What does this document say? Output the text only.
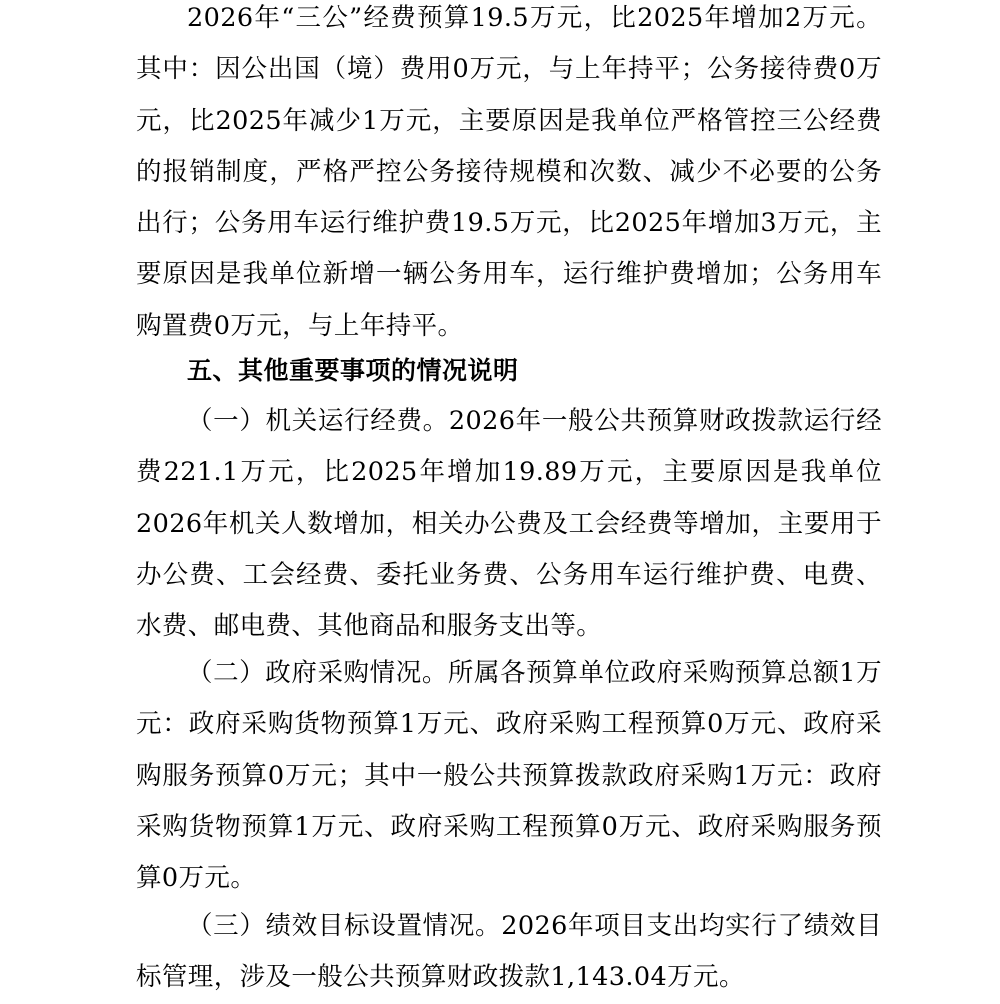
2026年“三公”经费预算19.5万元，比2025年增加2万元。其中：因公出国（境）费用0万元，与上年持平；公务接待费0万元，比2025年减少1万元，主要原因是我单位严格管控三公经费的报销制度，严格严控公务接待规模和次数、减少不必要的公务出行；公务用车运行维护费19.5万元，比2025年增加3万元，主要原因是我单位新增一辆公务用车，运行维护费增加；公务用车购置费0万元，与上年持平。

五、其他重要事项的情况说明

（一）机关运行经费。2026年一般公共预算财政拨款运行经费221.1万元，比2025年增加19.89万元，主要原因是我单位2026年机关人数增加，相关办公费及工会经费等增加，主要用于办公费、工会经费、委托业务费、公务用车运行维护费、电费、水费、邮电费、其他商品和服务支出等。

（二）政府采购情况。所属各预算单位政府采购预算总额1万元：政府采购货物预算1万元、政府采购工程预算0万元、政府采购服务预算0万元；其中一般公共预算拨款政府采购1万元：政府采购货物预算1万元、政府采购工程预算0万元、政府采购服务预算0万元。

（三）绩效目标设置情况。2026年项目支出均实行了绩效目标管理，涉及一般公共预算财政拨款1,143.04万元。
